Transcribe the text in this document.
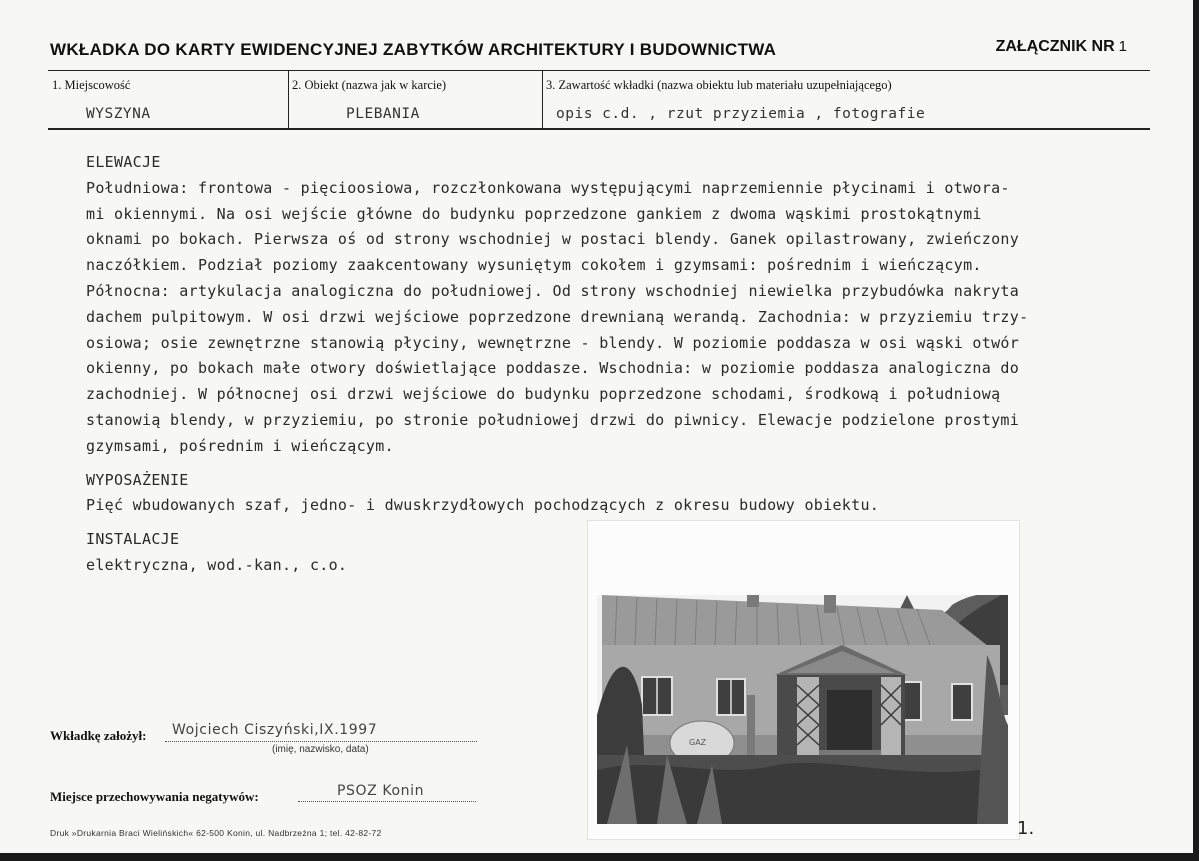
WKŁADKA DO KARTY EWIDENCYJNEJ ZABYTKÓW ARCHITEKTURY I BUDOWNICTWA	ZAŁĄCZNIK NR 1
1. Miejscowość	2. Obiekt (nazwa jak w karcie)	3. Zawartość wkładki (nazwa obiektu lub materiału uzupełniającego)
WYSZYNA	PLEBANIA	opis c.d. , rzut przyziemia , fotografie
ELEWACJE
Południowa: frontowa - pięcioosiowa, rozczłonkowana występującymi naprzemiennie płycinami i otwora-
mi okiennymi. Na osi wejście główne do budynku poprzedzone gankiem z dwoma wąskimi prostokątnymi
oknami po bokach. Pierwsza oś od strony wschodniej w postaci blendy. Ganek opilastrowany, zwieńczony
naczółkiem. Podział poziomy zaakcentowany wysuniętym cokołem i gzymsami: pośrednim i wieńczącym.
Północna: artykulacja analogiczna do południowej. Od strony wschodniej niewielka przybudówka nakryta
dachem pulpitowym. W osi drzwi wejściowe poprzedzone drewnianą werandą. Zachodnia: w przyziemiu trzy-
osiowa; osie zewnętrzne stanowią płyciny, wewnętrzne - blendy. W poziomie poddasza w osi wąski otwór
okienny, po bokach małe otwory doświetlające poddasze. Wschodnia: w poziomie poddasza analogiczna do
zachodniej. W północnej osi drzwi wejściowe do budynku poprzedzone schodami, środkową i południową
stanowią blendy, w przyziemiu, po stronie południowej drzwi do piwnicy. Elewacje podzielone prostymi
gzymsami, pośrednim i wieńczącym.
WYPOSAŻENIE
Pięć wbudowanych szaf, jedno- i dwuskrzydłowych pochodzących z okresu budowy obiektu.
INSTALACJE
elektryczna, wod.-kan., c.o.
GAZ
Wkładkę założył: Wojciech Ciszyński,IX.1997
(imię, nazwisko, data)
Miejsce przechowywania negatywów:	PSOZ Konin
Druk »Drukarnia Braci Wielińskich« 62-500 Konin, ul. Nadbrzeżna 1; tel. 42-82-72	1.
